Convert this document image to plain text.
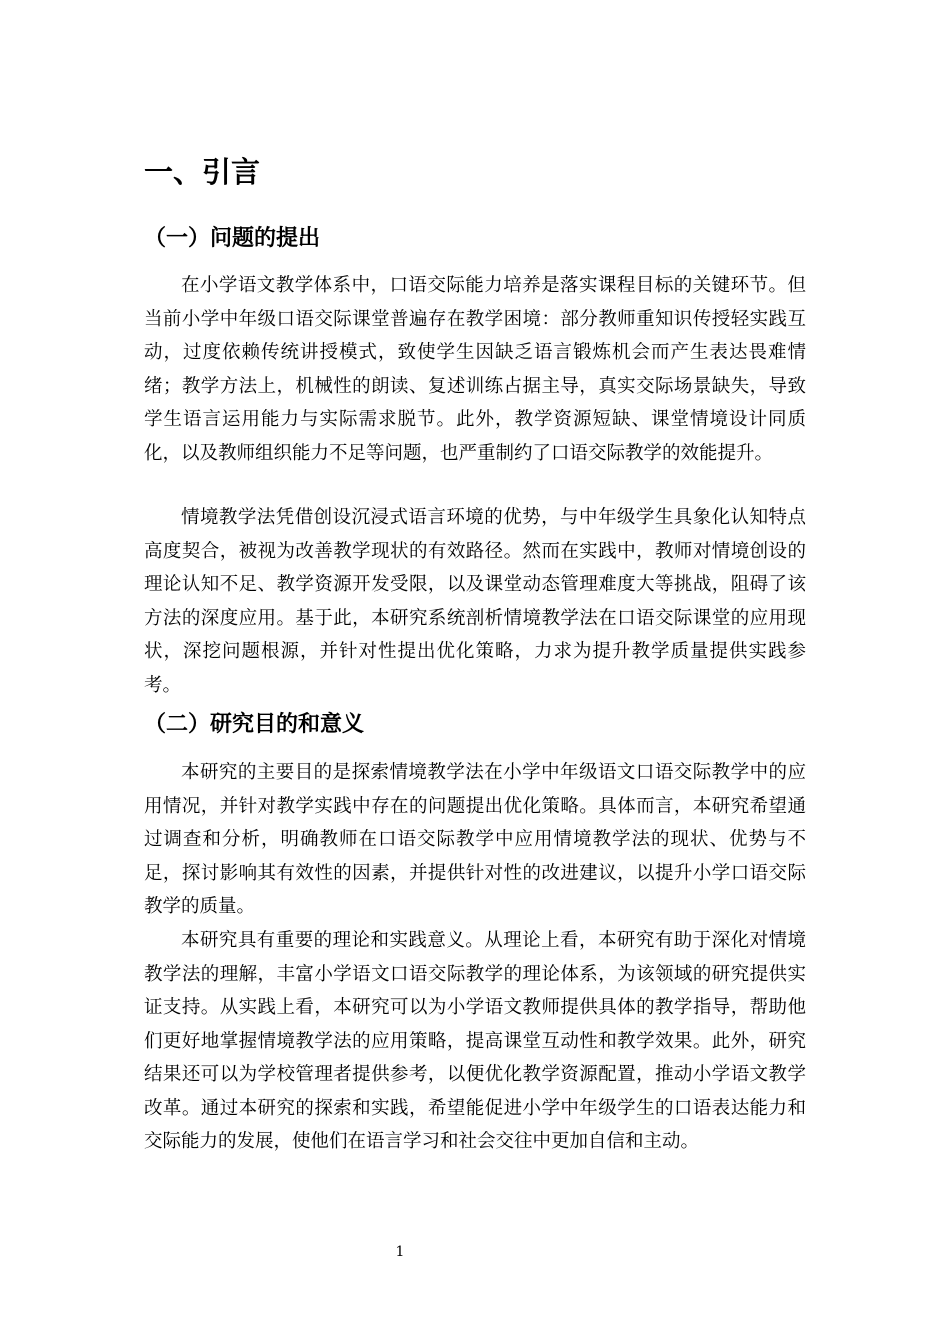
一、引言
（一）问题的提出

在小学语文教学体系中，口语交际能力培养是落实课程目标的关键环节。但当前小学中年级口语交际课堂普遍存在教学困境：部分教师重知识传授轻实践互动，过度依赖传统讲授模式，致使学生因缺乏语言锻炼机会而产生表达畏难情绪；教学方法上，机械性的朗读、复述训练占据主导，真实交际场景缺失，导致学生语言运用能力与实际需求脱节。此外，教学资源短缺、课堂情境设计同质化，以及教师组织能力不足等问题，也严重制约了口语交际教学的效能提升。

情境教学法凭借创设沉浸式语言环境的优势，与中年级学生具象化认知特点高度契合，被视为改善教学现状的有效路径。然而在实践中，教师对情境创设的理论认知不足、教学资源开发受限，以及课堂动态管理难度大等挑战，阻碍了该方法的深度应用。基于此，本研究系统剖析情境教学法在口语交际课堂的应用现状，深挖问题根源，并针对性提出优化策略，力求为提升教学质量提供实践参考。

（二）研究目的和意义

本研究的主要目的是探索情境教学法在小学中年级语文口语交际教学中的应用情况，并针对教学实践中存在的问题提出优化策略。具体而言，本研究希望通过调查和分析，明确教师在口语交际教学中应用情境教学法的现状、优势与不足，探讨影响其有效性的因素，并提供针对性的改进建议，以提升小学口语交际教学的质量。

本研究具有重要的理论和实践意义。从理论上看，本研究有助于深化对情境教学法的理解，丰富小学语文口语交际教学的理论体系，为该领域的研究提供实证支持。从实践上看，本研究可以为小学语文教师提供具体的教学指导，帮助他们更好地掌握情境教学法的应用策略，提高课堂互动性和教学效果。此外，研究结果还可以为学校管理者提供参考，以便优化教学资源配置，推动小学语文教学改革。通过本研究的探索和实践，希望能促进小学中年级学生的口语表达能力和交际能力的发展，使他们在语言学习和社会交往中更加自信和主动。

1
